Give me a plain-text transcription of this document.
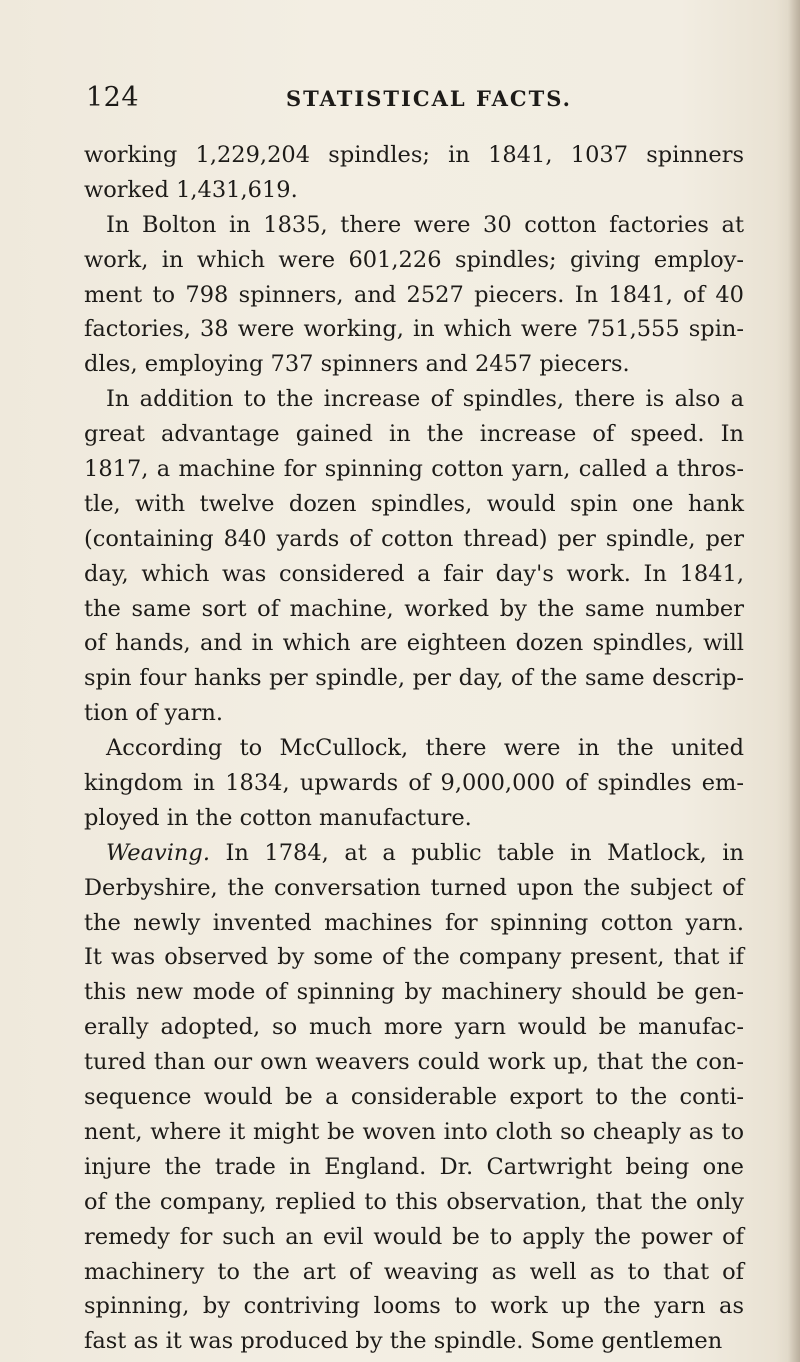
124	STATISTICAL FACTS.
working 1,229,204 spindles; in 1841, 1037 spinners
worked 1,431,619.
In Bolton in 1835, there were 30 cotton factories at
work, in which were 601,226 spindles; giving employ-
ment to 798 spinners, and 2527 piecers. In 1841, of 40
factories, 38 were working, in which were 751,555 spin-
dles, employing 737 spinners and 2457 piecers.
In addition to the increase of spindles, there is also a
great advantage gained in the increase of speed. In
1817, a machine for spinning cotton yarn, called a thros-
tle, with twelve dozen spindles, would spin one hank
(containing 840 yards of cotton thread) per spindle, per
day, which was considered a fair day's work. In 1841,
the same sort of machine, worked by the same number
of hands, and in which are eighteen dozen spindles, will
spin four hanks per spindle, per day, of the same descrip-
tion of yarn.
According to McCullock, there were in the united
kingdom in 1834, upwards of 9,000,000 of spindles em-
ployed in the cotton manufacture.
Weaving. In 1784, at a public table in Matlock, in
Derbyshire, the conversation turned upon the subject of
the newly invented machines for spinning cotton yarn.
It was observed by some of the company present, that if
this new mode of spinning by machinery should be gen-
erally adopted, so much more yarn would be manufac-
tured than our own weavers could work up, that the con-
sequence would be a considerable export to the conti-
nent, where it might be woven into cloth so cheaply as to
injure the trade in England. Dr. Cartwright being one
of the company, replied to this observation, that the only
remedy for such an evil would be to apply the power of
machinery to the art of weaving as well as to that of
spinning, by contriving looms to work up the yarn as
fast as it was produced by the spindle. Some gentlemen
